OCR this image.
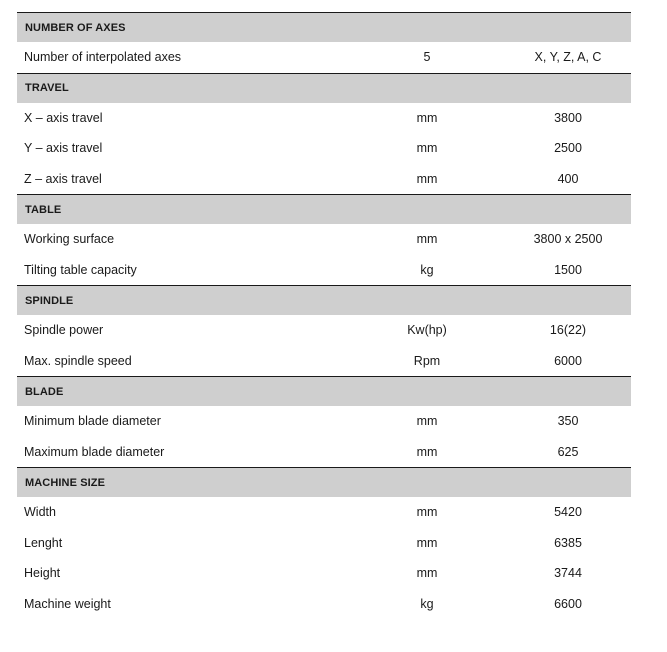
NUMBER OF AXES
Number of interpolated axes	5	X, Y, Z, A, C
TRAVEL
X – axis travel	mm	3800
Y – axis travel	mm	2500
Z – axis travel	mm	400
TABLE
Working surface	mm	3800 x 2500
Tilting table capacity	kg	1500
SPINDLE
Spindle power	Kw(hp)	16(22)
Max. spindle speed	Rpm	6000
BLADE
Minimum blade diameter	mm	350
Maximum blade diameter	mm	625
MACHINE SIZE
Width	mm	5420
Lenght	mm	6385
Height	mm	3744
Machine weight	kg	6600
